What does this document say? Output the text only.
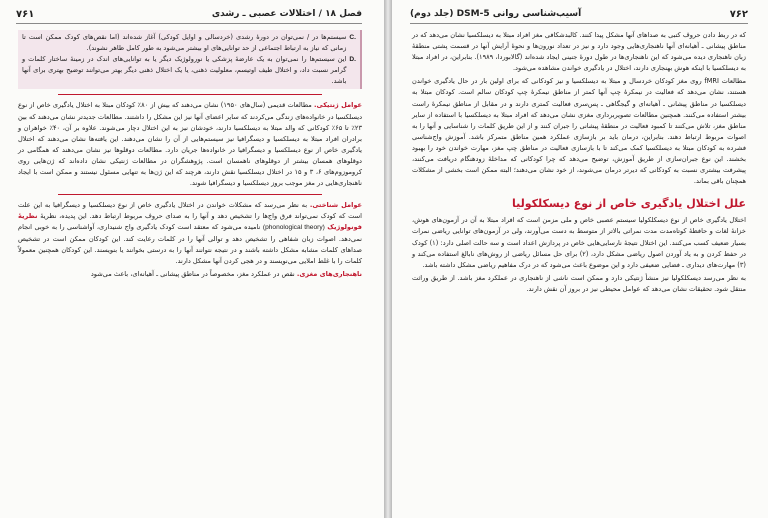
۷۶۲
آسیب‌شناسی روانی DSM-5 (جلد دوم)

که در ربط دادن حروف کتبی به صداهای آنها مشکل پیدا کنند. کالبدشکافی مغز افراد مبتلا به دیسلکسیا نشان می‌دهد که در مناطق پیشانی ـ آهیانه‌ای آنها ناهنجاری‌هایی وجود دارد و نیز در تعداد نورون‌ها و نحوهٔ آرایش آنها در قسمت پشتی منطقهٔ زبان ناهنجاری دیده می‌شود که این ناهنجاری‌ها در طول دورهٔ جنینی ایجاد شده‌اند (گالابوردا، ۱۹۸۹). بنابراین، در افراد مبتلا به دیسلکسیا با اینکه هوش بهنجاری دارند، اختلال در یادگیری خواندن مشاهده می‌شود.

مطالعات fMRI روی مغز کودکان خردسال و مبتلا به دیسلکسیا و نیز کودکانی که برای اولین بار در حال یادگیری خواندن هستند، نشان می‌دهد که فعالیت در نیمکرهٔ چپ آنها کمتر از مناطق نیمکرهٔ چپ کودکان سالم است. کودکان مبتلا به دیسلکسیا در مناطق پیشانی ـ آهیانه‌ای و گیجگاهی ـ پس‌سری فعالیت کمتری دارند و در مقابل از مناطق نیمکرهٔ راست بیشتر استفاده می‌کنند. همچنین مطالعات تصویربرداری مغزی نشان می‌دهد که افراد مبتلا به دیسلکسیا با استفاده از سایر مناطق مغز، تلاش می‌کنند تا کمبود فعالیت در منطقهٔ پیشانی را جبران کنند و از این طریق کلمات را شناسایی و آنها را به اصوات مربوط ارتباط دهند. بنابراین، درمان باید بر بازسازی عملکرد همین مناطق متمرکز باشد. آموزش واج‌شناسی فشرده به کودکان مبتلا به دیسلکسیا کمک می‌کند تا با بازسازی فعالیت در مناطق چپ مغز، مهارت خواندن خود را بهبود بخشند. این نوع جبران‌سازی از طریق آموزش، توضیح می‌دهد که چرا کودکانی که مداخلهٔ زودهنگام دریافت می‌کنند، پیشرفت بیشتری نسبت به کودکانی که دیرتر درمان می‌شوند، از خود نشان می‌دهند؛ البته ممکن است بخشی از مشکلات همچنان باقی بماند.

علل اختلال یادگیری خاص از نوع دیسکلکولیا

اختلال یادگیری خاص از نوع دیسکلکولیا سیستم عصبی خاص و ملی مزمن است که افراد مبتلا به آن در آزمون‌های هوش، خزانهٔ لغات و حافظهٔ کوتاه‌مدت مدت نمراتی بالاتر از متوسط به دست می‌آورند، ولی در آزمون‌های توانایی ریاضی نمرات بسیار ضعیف کسب می‌کنند. این اختلال نتیجهٔ نارسایی‌هایی خاص در پردازش اعداد است و سه حالت اصلی دارد: (۱) کودک در حفظ کردن و به یاد آوردن اصول ریاضی مشکل دارد، (۲) برای حل مسائل ریاضی از روش‌های نابالغ استفاده می‌کند و (۳) مهارت‌های دیداری ـ فضایی ضعیفی دارد و این موضوع باعث می‌شود که در درک مفاهیم ریاضی مشکل داشته باشد.

به نظر می‌رسد دیسکلکولیا نیز منشأ ژنتیکی دارد و ممکن است ناشی از ناهنجاری در عملکرد مغز باشد. از طریق وراثت منتقل شود. تحقیقات نشان می‌دهد که عوامل محیطی نیز در بروز آن نقش دارند.

فصل ۱۸ / اختلالات عصبی ـ رشدی
۷۶۱
C.
سیستم‌ها در / نمی‌توان در دورهٔ رشدی (خردسالی و اوایل کودکی) آغاز شده‌اند (اما نقص‌های کودک ممکن است تا زمانی که نیاز به ارتباط اجتماعی از حد توانایی‌های او بیشتر می‌شود به طور کامل ظاهر نشوند).
D.
این سیستم‌ها را نمی‌توان به یک عارضهٔ پزشکی یا نورولوژیک دیگر یا به توانایی‌های اندک در زمینهٔ ساختار کلمات و گرامر نسبت داد، و اختلال طیف اوتیسم، معلولیت ذهنی، یا یک اختلال ذهنی دیگر بهتر می‌توانند توضیح بهتری برای آنها باشد.

عوامل ژنتیکی. مطالعات قدیمی (سال‌های ۱۹۵۰) نشان می‌دهند که بیش از ۸۰٪ کودکان مبتلا به اختلال یادگیری خاص از نوع دیسلکسیا در خانواده‌های زندگی می‌کردند که سایر اعضای آنها نیز این مشکل را داشتند. مطالعات جدیدتر نشان می‌دهند که بین ۲۳٪ تا ۶۵٪ کودکانی که والد مبتلا به دیسلکسیا دارند، خودشان نیز به این اختلال دچار می‌شوند. علاوه بر آن، ۴۰٪ خواهران و برادران افراد مبتلا به دیسلکسیا و دیسگرافیا نیز سیستم‌هایی از آن را نشان می‌دهند. این یافته‌ها نشان می‌دهند که اختلال یادگیری خاص از نوع دیسلکسیا و دیسگرافیا در خانواده‌ها جریان دارد. مطالعات دوقلوها نیز نشان می‌دهند که همگامی در دوقلوهای همسان بیشتر از دوقلوهای ناهمسان است. پژوهشگران در مطالعات ژنتیکی نشان داده‌اند که ژن‌هایی روی کروموزوم‌های ۶، ۳ و ۱۵ در اختلال دیسلکسیا نقش دارند، هرچند که این ژن‌ها به تنهایی مسئول نیستند و ممکن است با ایجاد ناهنجاری‌هایی در مغز موجب بروز دیسلکسیا و دیسگرافیا شوند.

عوامل شناختی. به نظر می‌رسد که مشکلات خواندن در اختلال یادگیری خاص از نوع دیسلکسیا و دیسگرافیا به این علت است که کودک نمی‌تواند فرق واج‌ها را تشخیص دهد و آنها را به صدای حروف مربوط ارتباط دهد. این پدیده، نظریهٔ نظریهٔ فونولوژیک (phonological theory) نامیده می‌شود که معتقد است کودک یادگیری واج شنیداری، آواشناسی را به خوبی انجام نمی‌دهد. اصوات زبان شفاهی را تشخیص دهد و توالی آنها را در کلمات رعایت کند. این کودکان ممکن است در تشخیص صداهای کلمات مشابه مشکل داشته باشند و در نتیجه نتوانند آنها را به درستی بخوانند یا بنویسند. این کودکان همچنین معمولاً کلمات را با غلط املایی می‌نویسند و در هجی کردن آنها مشکل دارند.

ناهنجاری‌های مغزی. نقص در عملکرد مغز، مخصوصاً در مناطق پیشانی ـ آهیانه‌ای، باعث می‌شود
